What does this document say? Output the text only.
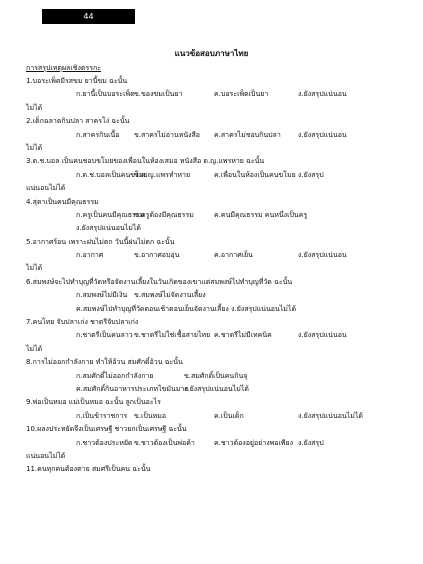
44
แนวข้อสอบภาษาไทย
การสรุปเหตุผลเชิงตรรกะ
1.บอระเพ็ดมีรสขม ยานี้ขม ฉะนั้น
ก.ยานี้เป็นบอระเพ็ด ข.ของขมเป็นยา	ค.บอระเพ็ดเป็นยา	ง.ยังสรุปแน่นอน
ไม่ได้
2.เด็กฉลาดกินปลา สาครโง่ ฉะนั้น
ก.สาครกินเนื้อ ข.สาครไม่อ่านหนังสือ ค.สาครไม่ชอบกินปลา ง.ยังสรุปแน่นอน
ไม่ได้
3.ด.ช.บอล เป็นคนชอบขโมยของเพื่อนในห้องเสมอ หนังสือ ด.ญ.แพรหาย ฉะนั้น
ก.ด.ช.บอลเป็นคนขโมย
ข.ด.ญ.แพรทำหาย	ค.เพื่อนในห้องเป็นคนขโมย ง.ยังสรุป
แน่นอนไม่ได้
4.สุดาเป็นคนมีคุณธรรม
ก.ครูเป็นคนมีคุณธรรม
ข.ครูต้องมีคุณธรรม	ค.คนมีคุณธรรม คนหนึ่งเป็นครู
ง.ยังสรุปแน่นอนไม่ได้
5.อากาศร้อน เพราะฝนไม่ตก วันนี้ฝนไม่ตก ฉะนั้น
ก.อากาศ	ข.อากาศอบอุ่น	ค.อากาศเย็น	ง.ยังสรุปแน่นอน
ไม่ได้
6.สมพงษ์จะไปทำบุญที่วัดหรือจัดงานเลี้ยงในวันเกิดของเขาแต่สมพงษ์ไปทำบุญที่วัด ฉะนั้น
ก.สมพงษ์ไม่มีเงิน ข.สมพงษ์ไม่จัดงานเลี้ยง
ค.สมพงษ์ไปทำบุญที่วัดตอนเช้าตอนเย็นจัดงานเลี้ยง ง.ยังสรุปแน่นอนไม่ได้
7.คนไทย จับปลาเก่ง ชาตรีจับปลาเก่ง
ก.ชาตรีเป็นคนลาว ข.ชาตรีไม่ใช่เชื้อสายไทย ค.ชาตรีไม่มีเทคนิค	ง.ยังสรุปแน่นอน
ไม่ได้
8.การไม่ออกกำลังกาย ทำให้อ้วน สมศักดิ์อ้วน ฉะนั้น
ก.สมศักดิ์ไม่ออกกำลังกาย	ข.สมศักดิ์เป็นคนกินจุ
ค.สมศักดิ์กินอาหารประเภทไขมันมาก
ง.ยังสรุปแน่นอนไม่ได้
9.พ่อเป็นหมอ แม่เป็นหมอ ฉะนั้น ลูกเป็นอะไร
ก.เป็นข้าราชการ ข.เป็นหมอ	ค.เป็นเด็ก	ง.ยังสรุปแน่นอนไม่ได้
10.ผลงประหยัดจึงเป็นเศรษฐี ชาวยกเป็นเศรษฐี ฉะนั้น
ก.ชาวต้องประหยัด ข.ชาวต้องเป็นพ่อค้า	ค.ชาวต้องอยู่อย่างพอเพียง ง.ยังสรุป
แน่นอนไม่ได้
11.คนทุกคนต้องตาย สมศรีเป็นคน ฉะนั้น
